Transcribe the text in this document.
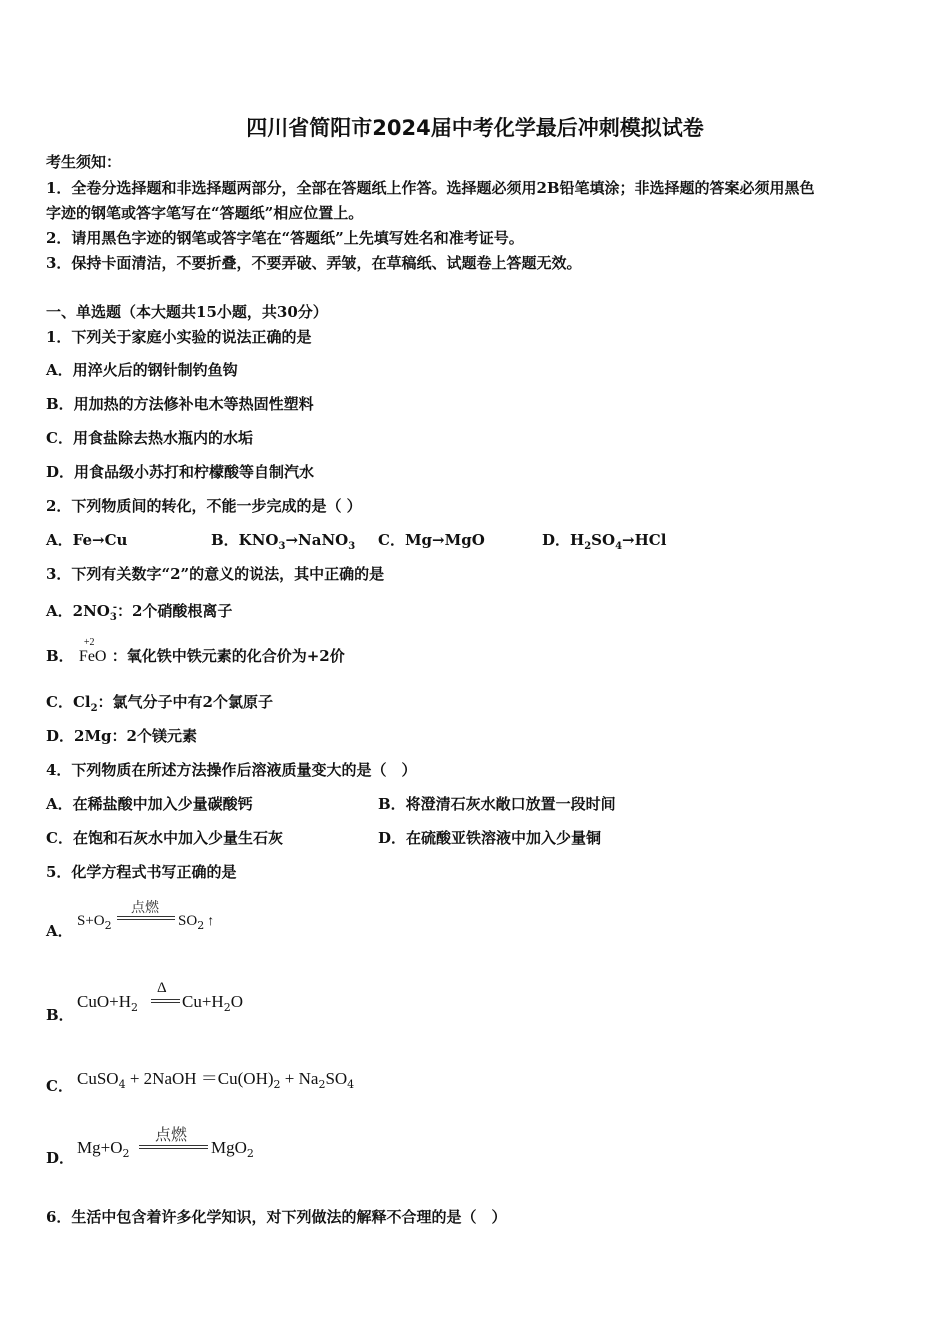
四川省简阳市2024届中考化学最后冲刺模拟试卷
考生须知：
1．全卷分选择题和非选择题两部分，全部在答题纸上作答。选择题必须用2B铅笔填涂；非选择题的答案必须用黑色
字迹的钢笔或答字笔写在“答题纸”相应位置上。
2．请用黑色字迹的钢笔或答字笔在“答题纸”上先填写姓名和准考证号。
3．保持卡面清洁，不要折叠，不要弄破、弄皱，在草稿纸、试题卷上答题无效。
一、单选题（本大题共15小题，共30分）
1．下列关于家庭小实验的说法正确的是
A．用淬火后的钢针制钓鱼钩
B．用加热的方法修补电木等热固性塑料
C．用食盐除去热水瓶内的水垢
D．用食品级小苏打和柠檬酸等自制汽水
2．下列物质间的转化，不能一步完成的是（ ）
A．Fe→Cu	B．$KNO_3\to NaNO_3$ C．Mg→MgO	D．$H_2SO_4\to HCl$
3．下列有关数字“2”的意义的说法，其中正确的是
A．$2NO_3^-$：2个硝酸根离子
B．
+2
FeO ：氧化铁中铁元素的化合价为+2价
C．$Cl_2$：氯气分子中有2个氯原子
D．2Mg：2个镁元素
4．下列物质在所述方法操作后溶液质量变大的是（　）
A．在稀盐酸中加入少量碳酸钙	B．将澄清石灰水敞口放置一段时间
C．在饱和石灰水中加入少量生石灰	D．在硫酸亚铁溶液中加入少量铜
5．化学方程式书写正确的是
A．
$S+O_2$
点燃
$SO_2$ ↑
B．
$CuO+H_2$
Δ
$Cu+H_2O$
C． CuSO$_4$ + 2NaOH $=Cu(OH)_2 + Na_2SO_4$
D．
$Mg+O_2$
点燃
MgO$_2$
6．生活中包含着许多化学知识，对下列做法的解释不合理的是（　）
